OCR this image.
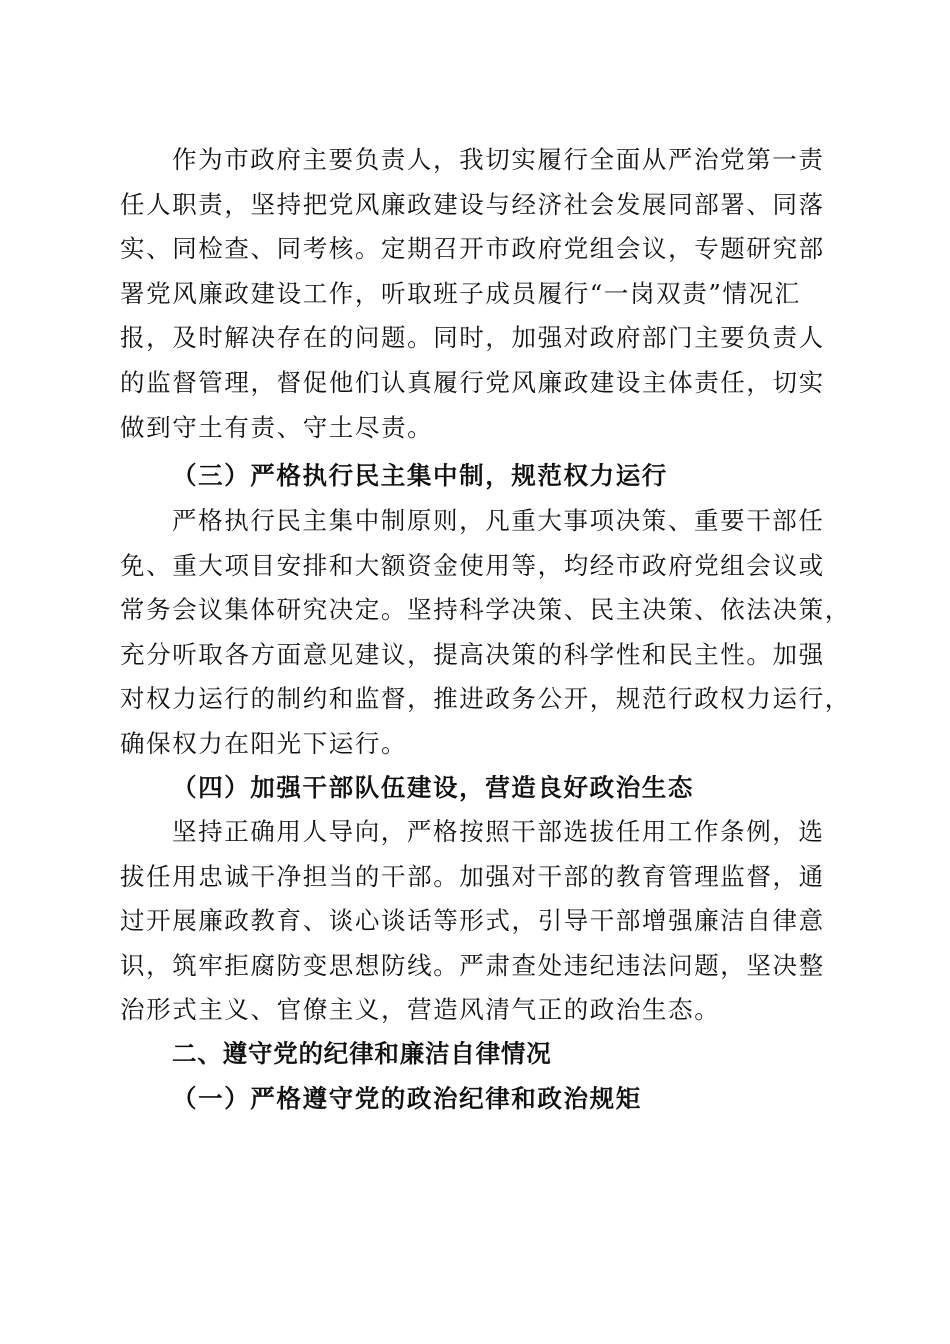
作为市政府主要负责人，我切实履行全面从严治党第一责
任人职责，坚持把党风廉政建设与经济社会发展同部署、同落
实、同检查、同考核。定期召开市政府党组会议，专题研究部
署党风廉政建设工作，听取班子成员履行“一岗双责”情况汇
报，及时解决存在的问题。同时，加强对政府部门主要负责人
的监督管理，督促他们认真履行党风廉政建设主体责任，切实
做到守土有责、守土尽责。
（三）严格执行民主集中制，规范权力运行
严格执行民主集中制原则，凡重大事项决策、重要干部任
免、重大项目安排和大额资金使用等，均经市政府党组会议或
常务会议集体研究决定。坚持科学决策、民主决策、依法决策，
充分听取各方面意见建议，提高决策的科学性和民主性。加强
对权力运行的制约和监督，推进政务公开，规范行政权力运行，
确保权力在阳光下运行。
（四）加强干部队伍建设，营造良好政治生态
坚持正确用人导向，严格按照干部选拔任用工作条例，选
拔任用忠诚干净担当的干部。加强对干部的教育管理监督，通
过开展廉政教育、谈心谈话等形式，引导干部增强廉洁自律意
识，筑牢拒腐防变思想防线。严肃查处违纪违法问题，坚决整
治形式主义、官僚主义，营造风清气正的政治生态。
二、遵守党的纪律和廉洁自律情况
（一）严格遵守党的政治纪律和政治规矩
